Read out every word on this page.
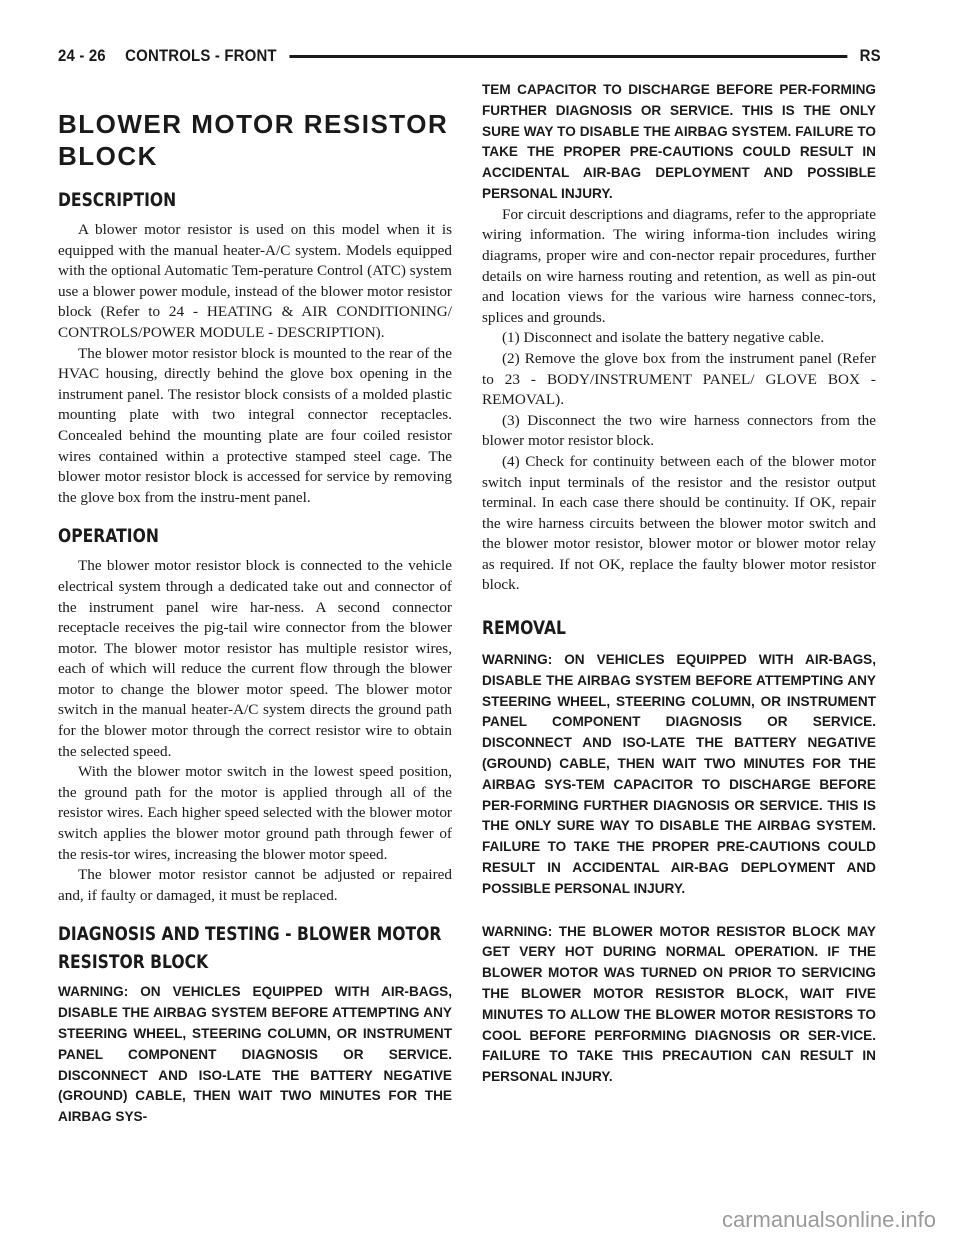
24 - 26 CONTROLS - FRONT	RS
BLOWER MOTOR RESISTOR BLOCK
DESCRIPTION

A blower motor resistor is used on this model when it is equipped with the manual heater-A/C system. Models equipped with the optional Automatic Tem-perature Control (ATC) system use a blower power module, instead of the blower motor resistor block (Refer to 24 - HEATING & AIR CONDITIONING/ CONTROLS/POWER MODULE - DESCRIPTION).

The blower motor resistor block is mounted to the rear of the HVAC housing, directly behind the glove box opening in the instrument panel. The resistor block consists of a molded plastic mounting plate with two integral connector receptacles. Concealed behind the mounting plate are four coiled resistor wires contained within a protective stamped steel cage. The blower motor resistor block is accessed for service by removing the glove box from the instru-ment panel.

OPERATION

The blower motor resistor block is connected to the vehicle electrical system through a dedicated take out and connector of the instrument panel wire har-ness. A second connector receptacle receives the pig-tail wire connector from the blower motor. The blower motor resistor has multiple resistor wires, each of which will reduce the current flow through the blower motor to change the blower motor speed. The blower motor switch in the manual heater-A/C system directs the ground path for the blower motor through the correct resistor wire to obtain the selected speed.

With the blower motor switch in the lowest speed position, the ground path for the motor is applied through all of the resistor wires. Each higher speed selected with the blower motor switch applies the blower motor ground path through fewer of the resis-tor wires, increasing the blower motor speed.

The blower motor resistor cannot be adjusted or repaired and, if faulty or damaged, it must be replaced.

DIAGNOSIS AND TESTING - BLOWER MOTOR RESISTOR BLOCK

WARNING: ON VEHICLES EQUIPPED WITH AIR-BAGS, DISABLE THE AIRBAG SYSTEM BEFORE ATTEMPTING ANY STEERING WHEEL, STEERING COLUMN, OR INSTRUMENT PANEL COMPONENT DIAGNOSIS OR SERVICE. DISCONNECT AND ISO-LATE THE BATTERY NEGATIVE (GROUND) CABLE, THEN WAIT TWO MINUTES FOR THE AIRBAG SYS-

TEM CAPACITOR TO DISCHARGE BEFORE PER-FORMING FURTHER DIAGNOSIS OR SERVICE. THIS IS THE ONLY SURE WAY TO DISABLE THE AIRBAG SYSTEM. FAILURE TO TAKE THE PROPER PRE-CAUTIONS COULD RESULT IN ACCIDENTAL AIR-BAG DEPLOYMENT AND POSSIBLE PERSONAL INJURY.

For circuit descriptions and diagrams, refer to the appropriate wiring information. The wiring informa-tion includes wiring diagrams, proper wire and con-nector repair procedures, further details on wire harness routing and retention, as well as pin-out and location views for the various wire harness connec-tors, splices and grounds.

(1) Disconnect and isolate the battery negative cable.

(2) Remove the glove box from the instrument panel (Refer to 23 - BODY/INSTRUMENT PANEL/ GLOVE BOX - REMOVAL).

(3) Disconnect the two wire harness connectors from the blower motor resistor block.

(4) Check for continuity between each of the blower motor switch input terminals of the resistor and the resistor output terminal. In each case there should be continuity. If OK, repair the wire harness circuits between the blower motor switch and the blower motor resistor, blower motor or blower motor relay as required. If not OK, replace the faulty blower motor resistor block.

REMOVAL

WARNING: ON VEHICLES EQUIPPED WITH AIR-BAGS, DISABLE THE AIRBAG SYSTEM BEFORE ATTEMPTING ANY STEERING WHEEL, STEERING COLUMN, OR INSTRUMENT PANEL COMPONENT DIAGNOSIS OR SERVICE. DISCONNECT AND ISO-LATE THE BATTERY NEGATIVE (GROUND) CABLE, THEN WAIT TWO MINUTES FOR THE AIRBAG SYS-TEM CAPACITOR TO DISCHARGE BEFORE PER-FORMING FURTHER DIAGNOSIS OR SERVICE. THIS IS THE ONLY SURE WAY TO DISABLE THE AIRBAG SYSTEM. FAILURE TO TAKE THE PROPER PRE-CAUTIONS COULD RESULT IN ACCIDENTAL AIR-BAG DEPLOYMENT AND POSSIBLE PERSONAL INJURY.

WARNING: THE BLOWER MOTOR RESISTOR BLOCK MAY GET VERY HOT DURING NORMAL OPERATION. IF THE BLOWER MOTOR WAS TURNED ON PRIOR TO SERVICING THE BLOWER MOTOR RESISTOR BLOCK, WAIT FIVE MINUTES TO ALLOW THE BLOWER MOTOR RESISTORS TO COOL BEFORE PERFORMING DIAGNOSIS OR SER-VICE. FAILURE TO TAKE THIS PRECAUTION CAN RESULT IN PERSONAL INJURY.

carmanualsonline.info
